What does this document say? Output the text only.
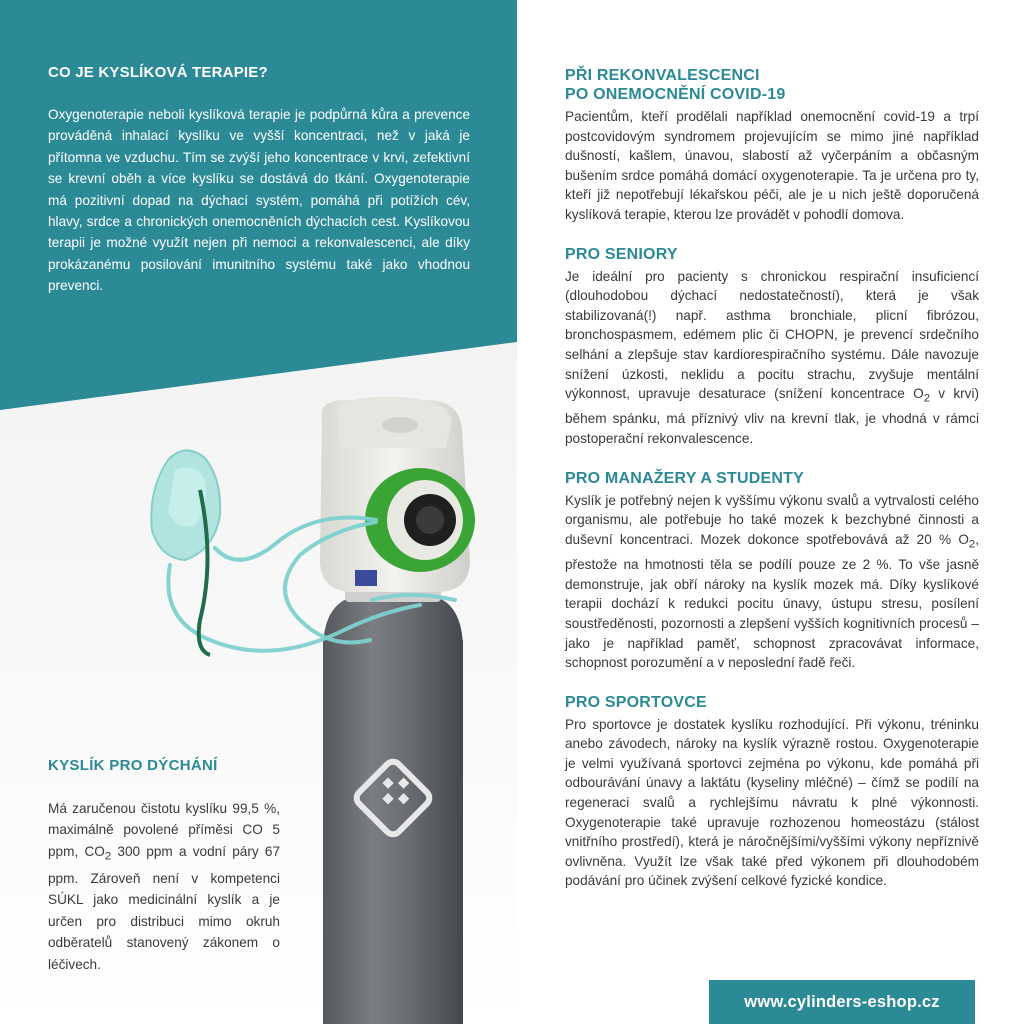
CO JE KYSLÍKOVÁ TERAPIE?

Oxygenoterapie neboli kyslíková terapie je podpůrná kůra a prevence prováděná inhalací kyslíku ve vyšší koncentraci, než v jaká je přítomna ve vzduchu. Tím se zvýší jeho koncentrace v krvi, zefektivní se krevní oběh a více kyslíku se dostává do tkání. Oxygenoterapie má pozitivní dopad na dýchací systém, pomáhá při potížích cév, hlavy, srdce a chronických onemocněních dýchacích cest. Kyslíkovou terapii je možné využít nejen při nemoci a rekonvalescenci, ale díky prokázanému posilování imunitního systému také jako vhodnou prevenci.

KYSLÍK PRO DÝCHÁNÍ

Má zaručenou čistotu kyslíku 99,5 %, maximálně povolené příměsi CO 5 ppm, $CO_2$ 300 ppm a vodní páry 67 ppm. Zároveň není v kompetenci SÚKL jako medicinální kyslík a je určen pro distribuci mimo okruh odběratelů stanovený zákonem o léčivech.

PŘI REKONVALESCENCI
PO ONEMOCNĚNÍ COVID-19

Pacientům, kteří prodělali například onemocnění covid-19 a trpí postcovidovým syndromem projevujícím se mimo jiné například dušností, kašlem, únavou, slabostí až vyčerpáním a občasným bušením srdce pomáhá domácí oxygenoterapie. Ta je určena pro ty, kteří již nepotřebují lékařskou péči, ale je u nich ještě doporučená kyslíková terapie, kterou lze provádět v pohodlí domova.

PRO SENIORY

Je ideální pro pacienty s chronickou respirační insuficiencí (dlouhodobou dýchací nedostatečností), která je však stabilizovaná(!) např. asthma bronchiale, plicní fibrózou, bronchospasmem, edémem plic či CHOPN, je prevencí srdečního selhání a zlepšuje stav kardiorespiračního systému. Dále navozuje snížení úzkosti, neklidu a pocitu strachu, zvyšuje mentální výkonnost, upravuje desaturace (snížení koncentrace $O_2$ v krvi) během spánku, má příznivý vliv na krevní tlak, je vhodná v rámci postoperační rekonvalescence.

PRO MANAŽERY A STUDENTY

Kyslík je potřebný nejen k vyššímu výkonu svalů a vytrvalosti celého organismu, ale potřebuje ho také mozek k bezchybné činnosti a duševní koncentraci. Mozek dokonce spotřebovává až 20 % $O_2$, přestože na hmotnosti těla se podílí pouze ze 2 %. To vše jasně demonstruje, jak obří nároky na kyslík mozek má. Díky kyslíkové terapii dochází k redukci pocitu únavy, ústupu stresu, posílení soustředěnosti, pozornosti a zlepšení vyšších kognitivních procesů – jako je například paměť, schopnost zpracovávat informace, schopnost porozumění a v neposlední řadě řeči.

PRO SPORTOVCE

Pro sportovce je dostatek kyslíku rozhodující. Při výkonu, tréninku anebo závodech, nároky na kyslík výrazně rostou. Oxygenoterapie je velmi využívaná sportovci zejména po výkonu, kde pomáhá při odbourávání únavy a laktátu (kyseliny mléčné) – čímž se podílí na regeneraci svalů a rychlejšímu návratu k plné výkonnosti. Oxygenoterapie také upravuje rozhozenou homeostázu (stálost vnitřního prostředí), která je náročnějšími/vyššími výkony nepříznivě ovlivněna. Využít lze však také před výkonem při dlouhodobém podávání pro účinek zvýšení celkové fyzické kondice.

www.cylinders-eshop.cz
